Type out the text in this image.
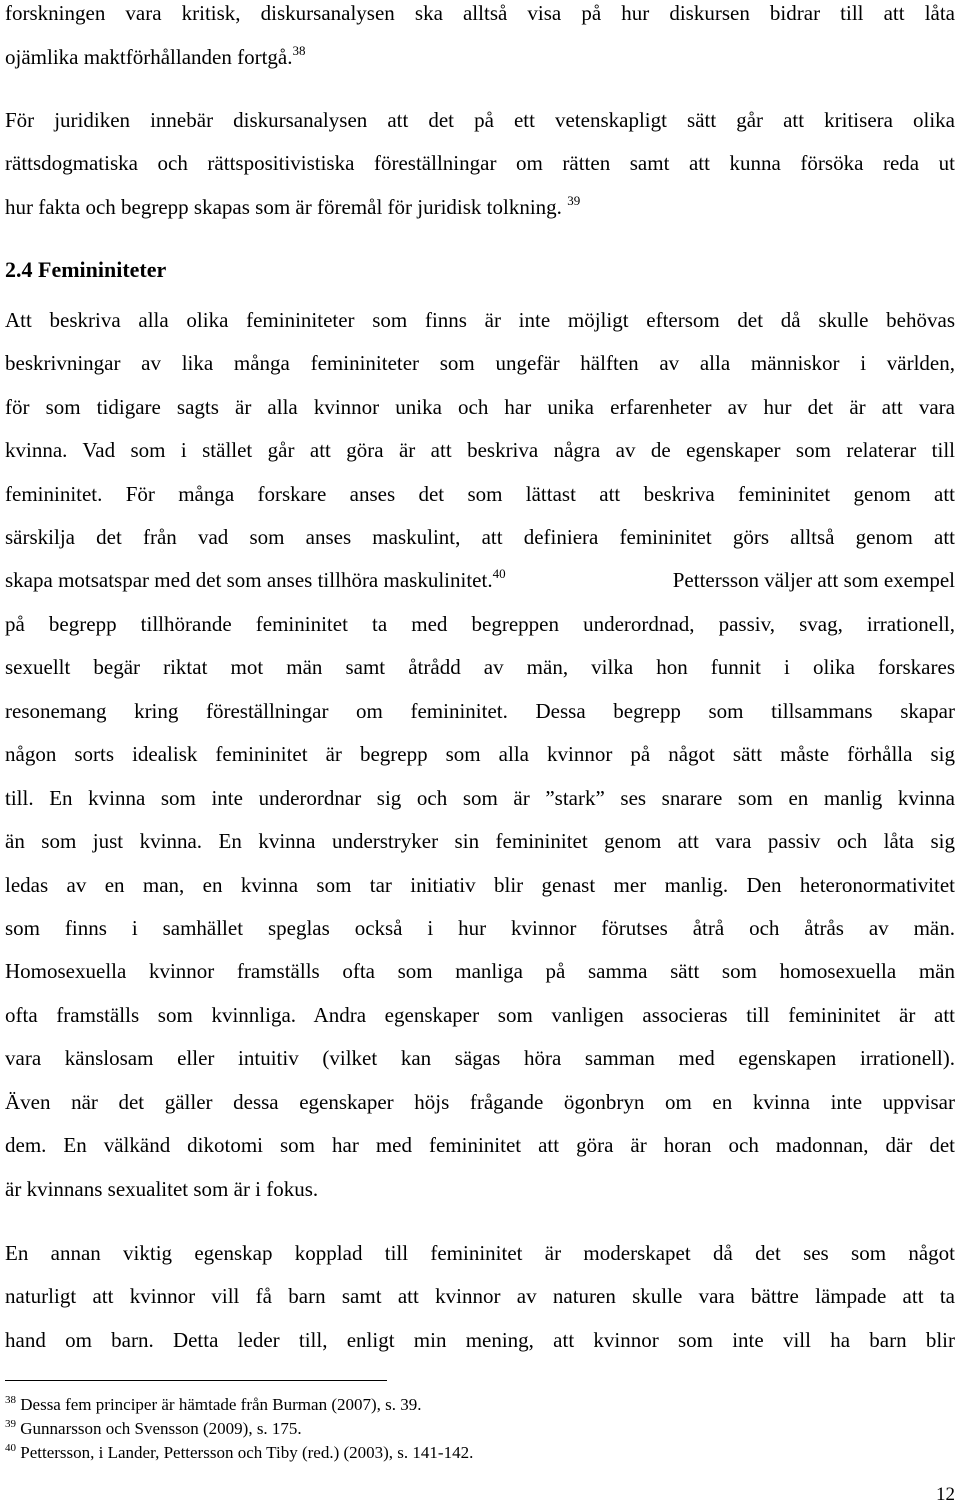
forskningen vara kritisk, diskursanalysen ska alltså visa på hur diskursen bidrar till att låta
ojämlika maktförhållanden fortgå.$^{38}$
För juridiken innebär diskursanalysen att det på ett vetenskapligt sätt går att kritisera olika
rättsdogmatiska och rättspositivistiska föreställningar om rätten samt att kunna försöka reda ut
hur fakta och begrepp skapas som är föremål för juridisk tolkning. $^{39}$
2.4 Femininiteter
Att beskriva alla olika femininiteter som finns är inte möjligt eftersom det då skulle behövas
beskrivningar av lika många femininiteter som ungefär hälften av alla människor i världen,
för som tidigare sagts är alla kvinnor unika och har unika erfarenheter av hur det är att vara
kvinna. Vad som i stället går att göra är att beskriva några av de egenskaper som relaterar till
femininitet. För många forskare anses det som lättast att beskriva femininitet genom att
särskilja det från vad som anses maskulint, att definiera femininitet görs alltså genom att
skapa motsatspar med det som anses tillhöra maskulinitet.$^{40}$	Pettersson väljer att som exempel
på begrepp tillhörande femininitet ta med begreppen underordnad, passiv, svag, irrationell,
sexuellt begär riktat mot män samt åtrådd av män, vilka hon funnit i olika forskares
resonemang kring föreställningar om femininitet. Dessa begrepp som tillsammans skapar
någon sorts idealisk femininitet är begrepp som alla kvinnor på något sätt måste förhålla sig
till. En kvinna som inte underordnar sig och som är ”stark” ses snarare som en manlig kvinna
än som just kvinna. En kvinna understryker sin femininitet genom att vara passiv och låta sig
ledas av en man, en kvinna som tar initiativ blir genast mer manlig. Den heteronormativitet
som finns i samhället speglas också i hur kvinnor förutses åtrå och åtrås av män.
Homosexuella kvinnor framställs ofta som manliga på samma sätt som homosexuella män
ofta framställs som kvinnliga. Andra egenskaper som vanligen associeras till femininitet är att
vara känslosam eller intuitiv (vilket kan sägas höra samman med egenskapen irrationell).
Även när det gäller dessa egenskaper höjs frågande ögonbryn om en kvinna inte uppvisar
dem. En välkänd dikotomi som har med femininitet att göra är horan och madonnan, där det
är kvinnans sexualitet som är i fokus.
En annan viktig egenskap kopplad till femininitet är moderskapet då det ses som något
naturligt att kvinnor vill få barn samt att kvinnor av naturen skulle vara bättre lämpade att ta
hand om barn. Detta leder till, enligt min mening, att kvinnor som inte vill ha barn blir
$^{38}$ Dessa fem principer är hämtade från Burman (2007), s. 39.
$^{39}$ Gunnarsson och Svensson (2009), s. 175.
$^{40}$ Pettersson, i Lander, Pettersson och Tiby (red.) (2003), s. 141-142.
12
